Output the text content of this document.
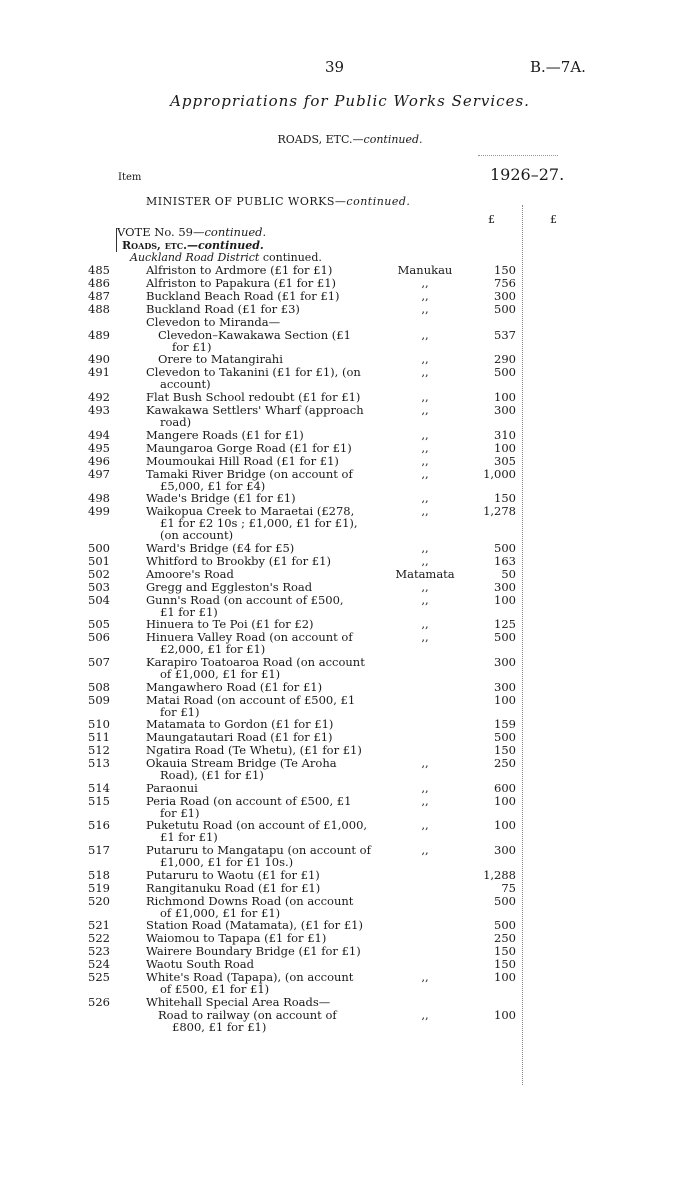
39	B.—7A.
Appropriations for Public Works Services.
ROADS, ETC.—continued.
Item	1926–27.
MINISTER OF PUBLIC WORKS—continued.
£	£
VOTE No. 59—continued.
Roads, etc.—continued.
Auckland Road District continued.
485	Alfriston to Ardmore (£1 for £1)	Manukau	150
486	Alfriston to Papakura (£1 for £1)	,,	756
487	Buckland Beach Road (£1 for £1)	,,	300
488	Buckland Road (£1 for £3)	,,	500
Clevedon to Miranda—
489	Clevedon–Kawakawa Section (£1
for £1)
,,	537
490	Orere to Matangirahi	,,	290
491	Clevedon to Takanini (£1 for £1), (on
account)
,,	500
492	Flat Bush School redoubt (£1 for £1)	,,	100
493	Kawakawa Settlers' Wharf (approach
road)
,,	300
494	Mangere Roads (£1 for £1)	,,	310
495	Maungaroa Gorge Road (£1 for £1)	,,	100
496	Moumoukai Hill Road (£1 for £1)	,,	305
497	Tamaki River Bridge (on account of
£5,000, £1 for £4)
,,	1,000
498	Wade's Bridge (£1 for £1)	,,	150
499	Waikopua Creek to Maraetai (£278,
£1 for £2 10s ; £1,000, £1 for £1),
(on account)
,,	1,278
500	Ward's Bridge (£4 for £5)	,,	500
501	Whitford to Brookby (£1 for £1)	,,	163
502	Amoore's Road	Matamata	50
503	Gregg and Eggleston's Road	,,	300
504	Gunn's Road (on account of £500,
£1 for £1)
,,	100
505	Hinuera to Te Poi (£1 for £2)	,,	125
506	Hinuera Valley Road (on account of
£2,000, £1 for £1)
,,	500
507	Karapiro Toatoaroa Road (on account
of £1,000, £1 for £1)
300
508	Mangawhero Road (£1 for £1)	300
509	Matai Road (on account of £500, £1
for £1)
100
510	Matamata to Gordon (£1 for £1)	159
511	Maungatautari Road (£1 for £1)	500
512	Ngatira Road (Te Whetu), (£1 for £1)	150
513	Okauia Stream Bridge (Te Aroha
Road), (£1 for £1)
,,	250
514	Paraonui	,,	600
515	Peria Road (on account of £500, £1
for £1)
,,	100
516	Puketutu Road (on account of £1,000,
£1 for £1)
,,	100
517	Putaruru to Mangatapu (on account of
£1,000, £1 for £1 10s.)
,,	300
518	Putaruru to Waotu (£1 for £1)	1,288
519	Rangitanuku Road (£1 for £1)	75
520	Richmond Downs Road (on account
of £1,000, £1 for £1)
500
521	Station Road (Matamata), (£1 for £1)	500
522	Waiomou to Tapapa (£1 for £1)	250
523	Wairere Boundary Bridge (£1 for £1)	150
524	Waotu South Road	150
525	White's Road (Tapapa), (on account
of £500, £1 for £1)
,,	100
526	Whitehall Special Area Roads—
Road to railway (on account of
£800, £1 for £1)
,,	100
